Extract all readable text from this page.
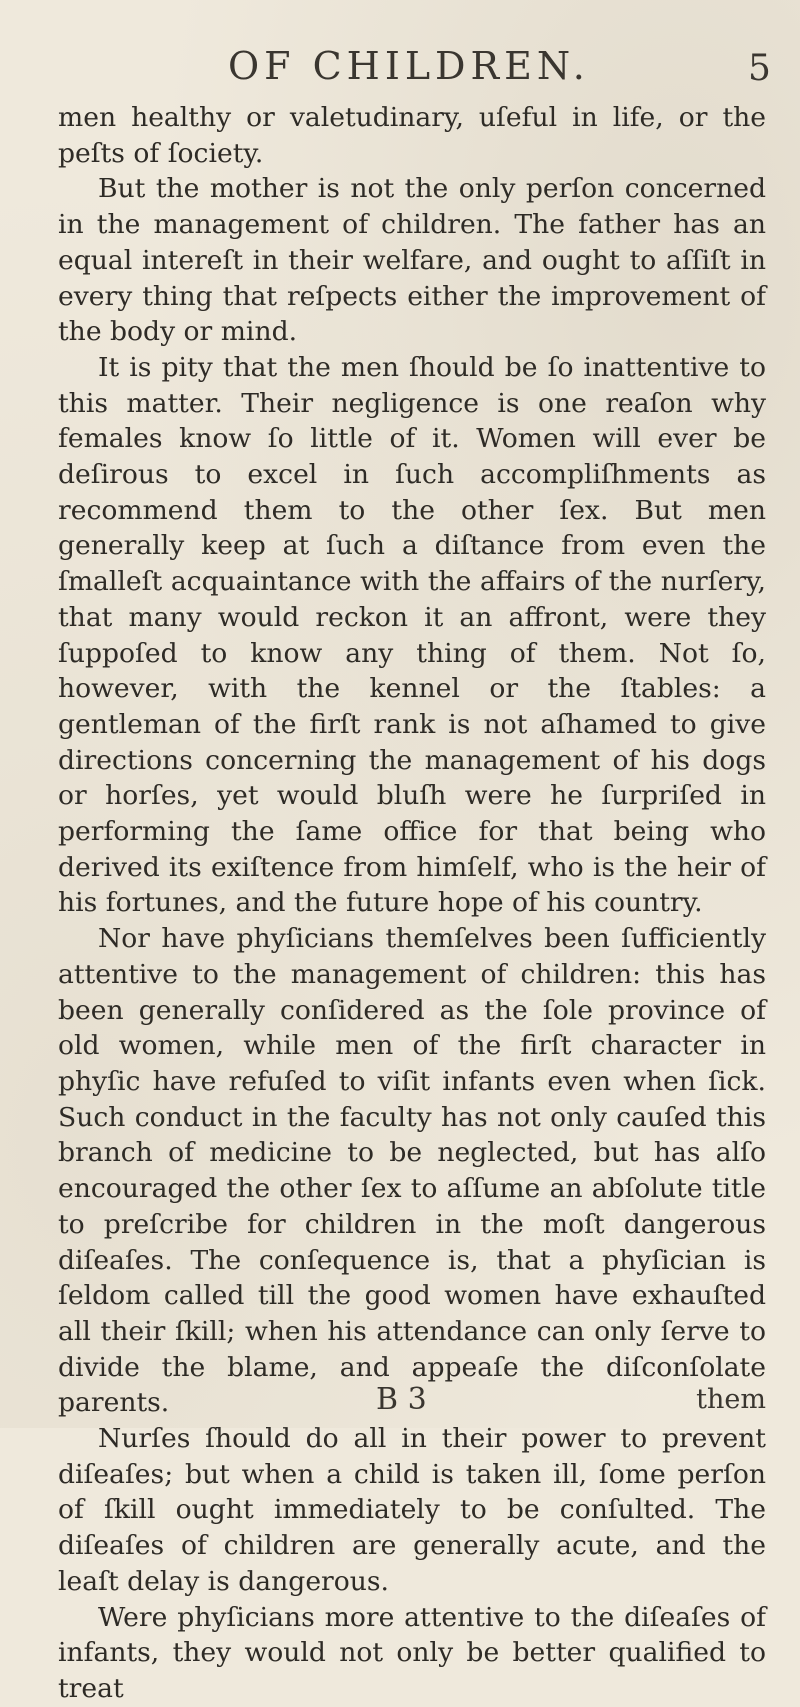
OF CHILDREN.	5

men healthy or valetudinary, uſeful in life, or the peſts of ſociety.

But the mother is not the only perſon concerned in the management of children. The father has an equal intereſt in their welfare, and ought to aſſiſt in every thing that reſpects either the improvement of the body or mind.

It is pity that the men ſhould be ſo inattentive to this matter. Their negligence is one reaſon why females know ſo little of it. Women will ever be deſirous to excel in ſuch accompliſhments as recommend them to the other ſex. But men generally keep at ſuch a diſtance from even the ſmalleſt acquaintance with the affairs of the nurſery, that many would reckon it an affront, were they ſuppoſed to know any thing of them. Not ſo, however, with the kennel or the ſtables: a gentleman of the firſt rank is not aſhamed to give directions concerning the management of his dogs or horſes, yet would bluſh were he ſurpriſed in performing the ſame office for that being who derived its exiſtence from himſelf, who is the heir of his fortunes, and the future hope of his country.

Nor have phyſicians themſelves been ſufficiently attentive to the management of children: this has been generally conſidered as the ſole province of old women, while men of the firſt character in phyſic have refuſed to viſit infants even when ſick. Such conduct in the faculty has not only cauſed this branch of medicine to be neglected, but has alſo encouraged the other ſex to aſſume an abſolute title to preſcribe for children in the moſt dangerous diſeaſes. The conſequence is, that a phyſician is ſeldom called till the good women have exhauſted all their ſkill; when his attendance can only ſerve to divide the blame, and appeaſe the diſconſolate parents.

Nurſes ſhould do all in their power to prevent diſeaſes; but when a child is taken ill, ſome perſon of ſkill ought immediately to be conſulted. The diſeaſes of children are generally acute, and the leaſt delay is dangerous.

Were phyſicians more attentive to the diſeaſes of infants, they would not only be better qualified to treat

B 3	them
